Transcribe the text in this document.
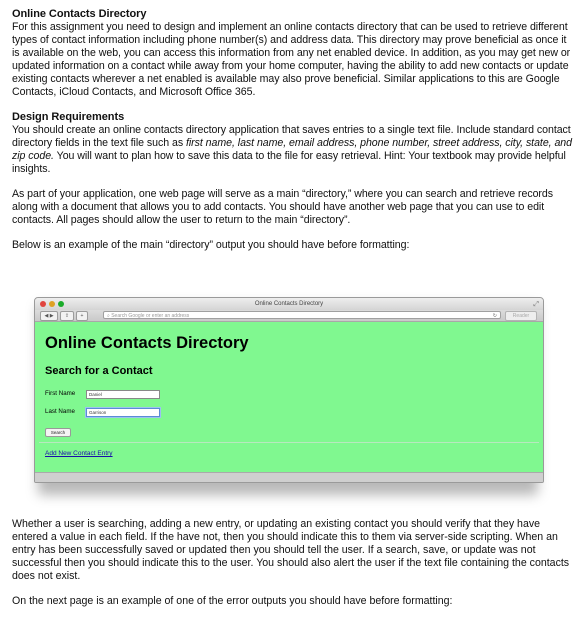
Online Contacts Directory

For this assignment you need to design and implement an online contacts directory that can be used to retrieve different types of contact information including phone number(s) and address data. This directory may prove beneficial as once it is available on the web, you can access this information from any net enabled device. In addition, as you may get new or updated information on a contact while away from your home computer, having the ability to add new contacts or update existing contacts wherever a net enabled is available may also prove beneficial. Similar applications to this are Google Contacts, iCloud Contacts, and Microsoft Office 365.

Design Requirements

You should create an online contacts directory application that saves entries to a single text file. Include standard contact directory fields in the text file such as first name, last name, email address, phone number, street address, city, state, and zip code. You will want to plan how to save this data to the file for easy retrieval. Hint: Your textbook may provide helpful insights.

As part of your application, one web page will serve as a main “directory,” where you can search and retrieve records along with a document that allows you to add contacts. You should have another web page that you can use to edit contacts. All pages should allow the user to return to the main “directory”.

Below is an example of the main “directory” output you should have before formatting:

Online Contacts Directory	⤢
◀ ▶	⇪	+	⌕ Search Google or enter an address	↻	Reader
Online Contacts Directory
Search for a Contact
First Name	Daniel
Last Name	Garrison
Search
Add New Contact Entry

Whether a user is searching, adding a new entry, or updating an existing contact you should verify that they have entered a value in each field. If the have not, then you should indicate this to them via server-side scripting. When an entry has been successfully saved or updated then you should tell the user. If a search, save, or update was not successful then you should indicate this to the user. You should also alert the user if the text file containing the contacts does not exist.

On the next page is an example of one of the error outputs you should have before formatting:
